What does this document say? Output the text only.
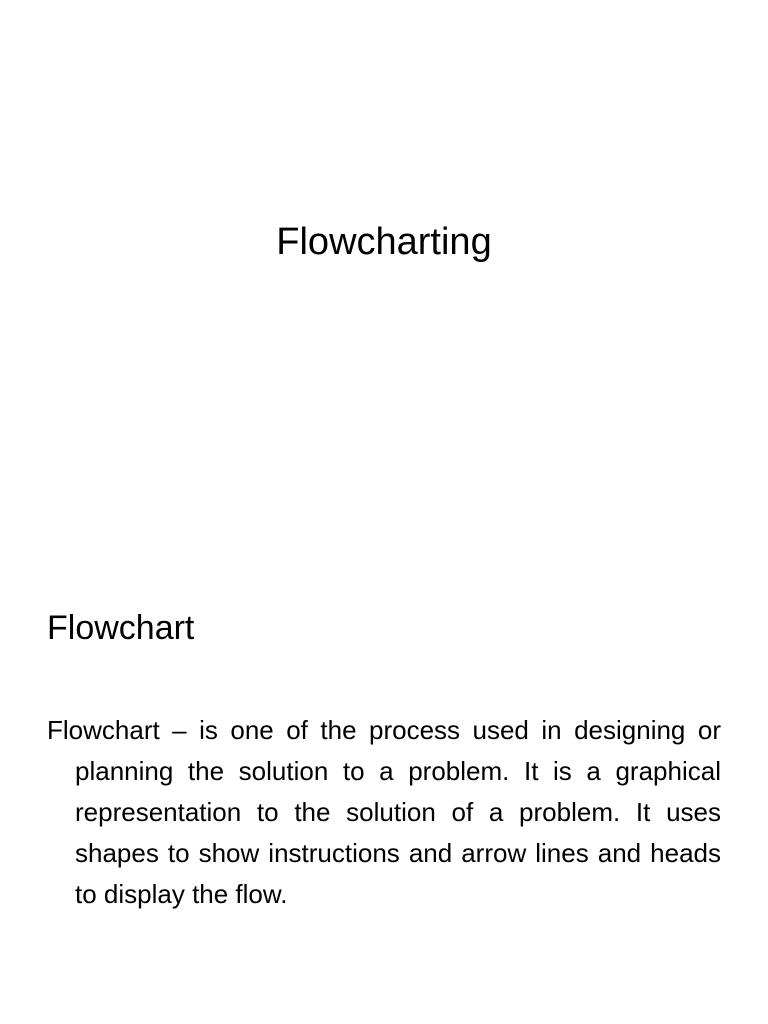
Flowcharting
Flowchart

Flowchart – is one of the process used in designing or planning the solution to a problem. It is a graphical representation to the solution of a problem. It uses shapes to show instructions and arrow lines and heads to display the flow.
